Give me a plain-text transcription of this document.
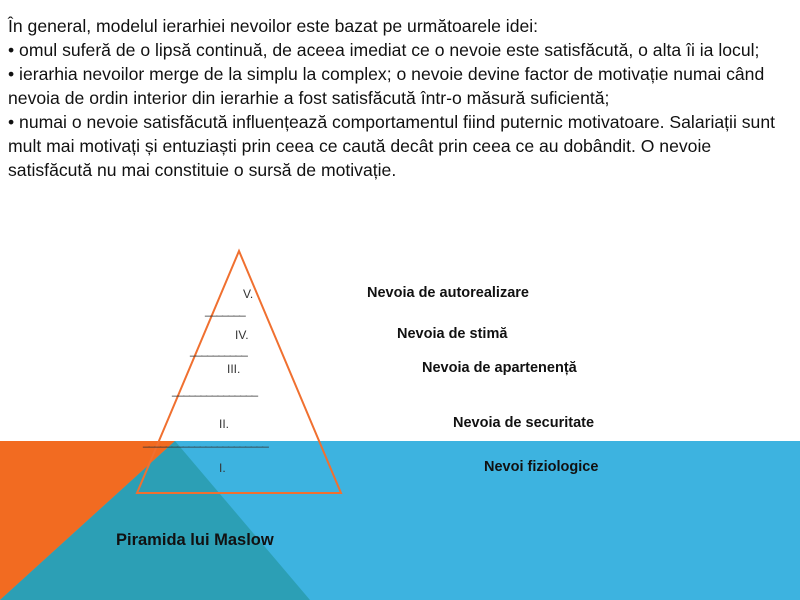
În general, modelul ierarhiei nevoilor este bazat pe următoarele idei:

• omul suferă de o lipsă continuă, de aceea imediat ce o nevoie este satisfăcută, o alta îi ia locul;

• ierarhia nevoilor merge de la simplu la complex; o nevoie devine factor de motivație numai când nevoia de ordin interior din ierarhie a fost satisfăcută într-o măsură suficientă;

• numai o nevoie satisfăcută influențează comportamentul fiind puternic motivatoare. Salariații sunt mult mai motivați și entuziaști prin ceea ce caută decât prin ceea ce au dobândit. O nevoie satisfăcută nu mai constituie o sursă de motivație.

V.
IV.
III.
II.
I.
_______
__________
_______________
______________________
Nevoia de autorealizare
Nevoia de stimă
Nevoia de apartenență
Nevoia de securitate
Nevoi fiziologice
Piramida lui Maslow
